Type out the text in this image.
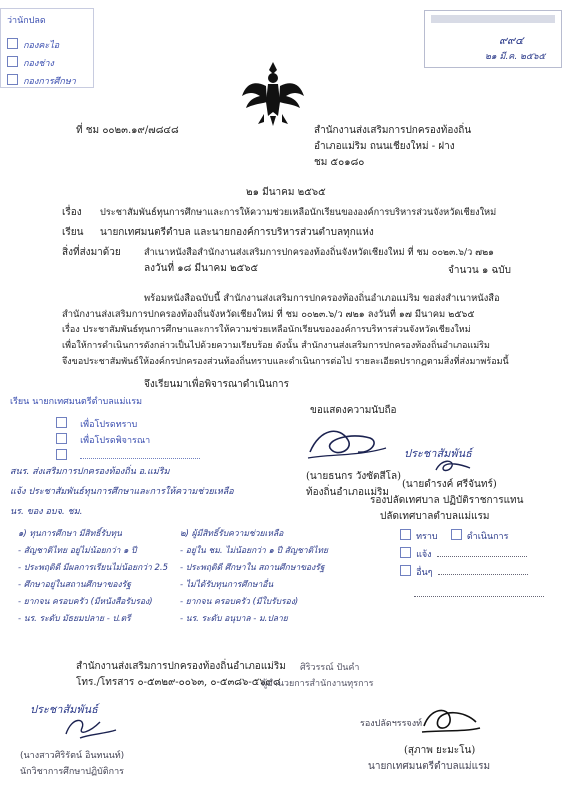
ว่านักปลด
กองคะไอ
กองช่าง
กองการศึกษา
๙๙๔
๒๑ มี.ค. ๒๕๖๕
ที่ ชม ๐๐๒๓.๑๙/๗๘๔๘	สำนักงานส่งเสริมการปกครองท้องถิ่น
อำเภอแม่ริม ถนนเชียงใหม่ - ฝาง
ชม ๕๐๑๘๐
๒๑ มีนาคม ๒๕๖๕
เรื่อง ประชาสัมพันธ์ทุนการศึกษาและการให้ความช่วยเหลือนักเรียนขององค์การบริหารส่วนจังหวัดเชียงใหม่
เรียน นายกเทศมนตรีตำบล และนายกองค์การบริหารส่วนตำบลทุกแห่ง
สิ่งที่ส่งมาด้วย	สำเนาหนังสือสำนักงานส่งเสริมการปกครองท้องถิ่นจังหวัดเชียงใหม่ ที่ ชม ๐๐๒๓.๖/ว ๗๒๑
ลงวันที่ ๑๘ มีนาคม ๒๕๖๕	จำนวน ๑ ฉบับ
พร้อมหนังสือฉบับนี้ สำนักงานส่งเสริมการปกครองท้องถิ่นอำเภอแม่ริม ขอส่งสำเนาหนังสือ
สำนักงานส่งเสริมการปกครองท้องถิ่นจังหวัดเชียงใหม่ ที่ ชม ๐๐๒๓.๖/ว ๗๒๑ ลงวันที่ ๑๗ มีนาคม ๒๕๖๕
เรื่อง ประชาสัมพันธ์ทุนการศึกษาและการให้ความช่วยเหลือนักเรียนขององค์การบริหารส่วนจังหวัดเชียงใหม่
เพื่อให้การดำเนินการดังกล่าวเป็นไปด้วยความเรียบร้อย ดังนั้น สำนักงานส่งเสริมการปกครองท้องถิ่นอำเภอแม่ริม
จึงขอประชาสัมพันธ์ให้องค์กรปกครองส่วนท้องถิ่นทราบและดำเนินการต่อไป รายละเอียดปรากฏตามสิ่งที่ส่งมาพร้อมนี้
จึงเรียนมาเพื่อพิจารณาดำเนินการ
เรียน นายกเทศมนตรีตำบลแม่แรม
เพื่อโปรดทราบ
เพื่อโปรดพิจารณา

ขอแสดงความนับถือ
(นายธนกร วังซัตสีโล)
ท้องถิ่นอำเภอแม่ริม
ประชาสัมพันธ์
(นายดำรงค์ ศรีจันทร์)
รองปลัดเทศบาล ปฏิบัติราชการแทน
ปลัดเทศบาลตำบลแม่แรม
ทราบ	ดำเนินการ
แจ้ง
อื่นๆ
สนร. ส่งเสริมการปกครองท้องถิ่น อ.แม่ริม
แจ้ง ประชาสัมพันธ์ทุนการศึกษาและการให้ความช่วยเหลือ
นร. ของ อบจ. ชม.
๑) ทุนการศึกษา มีสิทธิ์รับทุน
- สัญชาติไทย อยู่ไม่น้อยกว่า ๑ ปี
- ประพฤติดี มีผลการเรียนไม่น้อยกว่า 2.5
- ศึกษาอยู่ในสถานศึกษาของรัฐ
- ยากจน ครอบครัว (มีหนังสือรับรอง)
- นร. ระดับ มัธยมปลาย - ป.ตรี
๒) ผู้มีสิทธิ์รับความช่วยเหลือ
- อยู่ใน ชม. ไม่น้อยกว่า ๑ ปี สัญชาติไทย
- ประพฤติดี ศึกษาใน สถานศึกษาของรัฐ
- ไม่ได้รับทุนการศึกษาอื่น
- ยากจน ครอบครัว (มีใบรับรอง)
- นร. ระดับ อนุบาล - ม.ปลาย
สำนักงานส่งเสริมการปกครองท้องถิ่นอำเภอแม่ริม
โทร./โทรสาร ๐-๕๓๒๙-๐๐๖๓, ๐-๕๓๘๖-๕๖๙๘
ศิริวรรณ์ ปันคำ
ผู้อำนวยการสำนักงานทุรการ
ประชาสัมพันธ์
(นางสาวศิริรัตน์ อินทนนท์)
นักวิชาการศึกษาปฏิบัติการ
รองปลัดฯรรจงท์
(สุภาพ ยะมะโน)
นายกเทศมนตรีตำบลแม่แรม
